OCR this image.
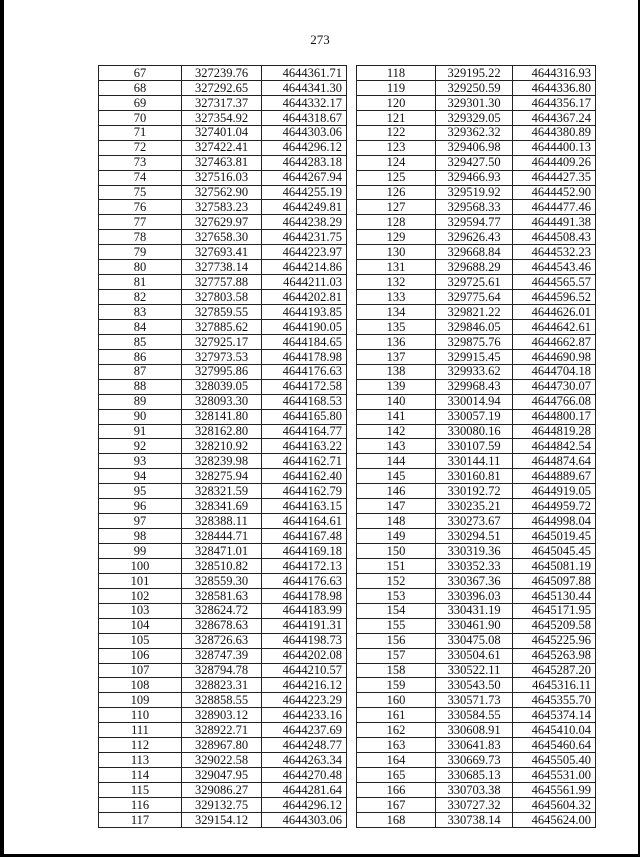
273
67	327239.76	4644361.71
68	327292.65	4644341.30
69	327317.37	4644332.17
70	327354.92	4644318.67
71	327401.04	4644303.06
72	327422.41	4644296.12
73	327463.81	4644283.18
74	327516.03	4644267.94
75	327562.90	4644255.19
76	327583.23	4644249.81
77	327629.97	4644238.29
78	327658.30	4644231.75
79	327693.41	4644223.97
80	327738.14	4644214.86
81	327757.88	4644211.03
82	327803.58	4644202.81
83	327859.55	4644193.85
84	327885.62	4644190.05
85	327925.17	4644184.65
86	327973.53	4644178.98
87	327995.86	4644176.63
88	328039.05	4644172.58
89	328093.30	4644168.53
90	328141.80	4644165.80
91	328162.80	4644164.77
92	328210.92	4644163.22
93	328239.98	4644162.71
94	328275.94	4644162.40
95	328321.59	4644162.79
96	328341.69	4644163.15
97	328388.11	4644164.61
98	328444.71	4644167.48
99	328471.01	4644169.18
100	328510.82	4644172.13
101	328559.30	4644176.63
102	328581.63	4644178.98
103	328624.72	4644183.99
104	328678.63	4644191.31
105	328726.63	4644198.73
106	328747.39	4644202.08
107	328794.78	4644210.57
108	328823.31	4644216.12
109	328858.55	4644223.29
110	328903.12	4644233.16
111	328922.71	4644237.69
112	328967.80	4644248.77
113	329022.58	4644263.34
114	329047.95	4644270.48
115	329086.27	4644281.64
116	329132.75	4644296.12
117	329154.12	4644303.06
118	329195.22	4644316.93
119	329250.59	4644336.80
120	329301.30	4644356.17
121	329329.05	4644367.24
122	329362.32	4644380.89
123	329406.98	4644400.13
124	329427.50	4644409.26
125	329466.93	4644427.35
126	329519.92	4644452.90
127	329568.33	4644477.46
128	329594.77	4644491.38
129	329626.43	4644508.43
130	329668.84	4644532.23
131	329688.29	4644543.46
132	329725.61	4644565.57
133	329775.64	4644596.52
134	329821.22	4644626.01
135	329846.05	4644642.61
136	329875.76	4644662.87
137	329915.45	4644690.98
138	329933.62	4644704.18
139	329968.43	4644730.07
140	330014.94	4644766.08
141	330057.19	4644800.17
142	330080.16	4644819.28
143	330107.59	4644842.54
144	330144.11	4644874.64
145	330160.81	4644889.67
146	330192.72	4644919.05
147	330235.21	4644959.72
148	330273.67	4644998.04
149	330294.51	4645019.45
150	330319.36	4645045.45
151	330352.33	4645081.19
152	330367.36	4645097.88
153	330396.03	4645130.44
154	330431.19	4645171.95
155	330461.90	4645209.58
156	330475.08	4645225.96
157	330504.61	4645263.98
158	330522.11	4645287.20
159	330543.50	4645316.11
160	330571.73	4645355.70
161	330584.55	4645374.14
162	330608.91	4645410.04
163	330641.83	4645460.64
164	330669.73	4645505.40
165	330685.13	4645531.00
166	330703.38	4645561.99
167	330727.32	4645604.32
168	330738.14	4645624.00
